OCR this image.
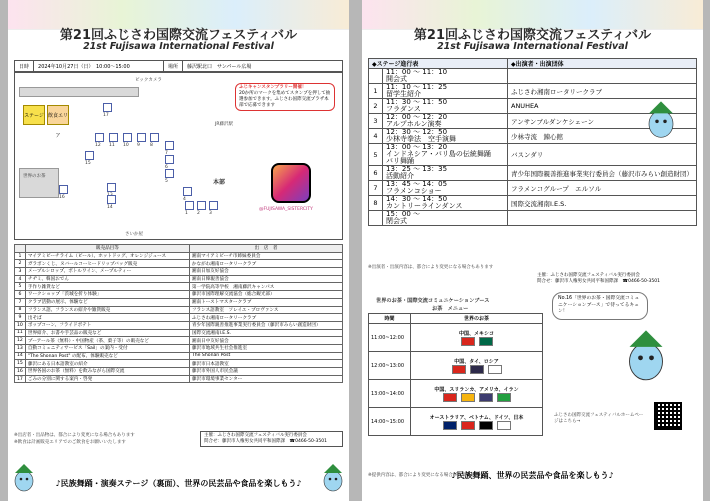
第21回ふじさわ国際交流フェスティバル
21st Fujisawa International Festival
日時	2024年10月27日（日）　10:00～15:00	場所	藤沢駅北口　サンパール広場
ビックカメラ
ステージ 飲食エリア
JR藤沢駅
ふじキャンスタンプラリー開催！
20か所のマークを集めてスタンプを押して抽選参加できます。ふじさわ国際交流プラザ本部で応募できます
@FUJISAWA_SISTERCITY
世界のお茶
本部
さいか屋
1 2 3
4
5
6
7
8
9
10
11
12
14
15
16
17
	販売品目等	出　店　者
1	マイアミビーチライム（ビール）、ホットドッグ、オレンジジュース	湘南マイアミビーチ市姉妹委員会
2	ガラポンくじ、ヌバールコーヒードリップバッグ販売	かながわ湘南ロータリークラブ
3	メープルシロップ、ボトルワイン、メープルティー	湘南日加友好協会
4	チヂミ、韓国おでん	湘南日韓親善協会
5	手作り雑貨など	第一学院高等学校　湘南藤沢キャンパス
6	ワークショップ「茨城を折り体験」	藤沢市国際理解交流協会（総合観光部）
7	クラブ活動の展示、体験など	湘南トーストマスタークラブ
8	フランス語、フランスの紹介や雑貨販売	フランス語教室　ソレイユ・プロヴァンス
9	出そば	ふじさわ湘南ロータリークラブ
10	ポップコーン、フライドポテト	青少年国際親善推進事業実行委員会（藤沢市みらい創造財団）
11	世界紹介、お書や手芸品の販売など	国際交流湘南I.E.S.
12	プーアール茶（無料）・中国物産（茶、菓子等）の販売など	湘南日中友好協会
13	自動コミュニティサービス「Sail」の案内・受付	藤沢市地域共生社会推進室
14	"The Shonan Post" の配布、体験販売など	The Shonan Post
15	藤沢にある日本語教室の紹介	藤沢市日本語教室
16	世界各国のお茶（無料）を飲みながら国際交流	藤沢市外国人市民会議
17	ごみの分別に関する案内・啓発	藤沢市環境事業センター
※出店者・出品物は、都合により変更になる場合もあります
※飲食は計画販売エリアでのご飲食をお願いいたします
主催：ふじさわ国際交流フェスティバル実行委員会
問合せ：藤沢市人権男女共同平和国際課　☎0466-50-3501
♪民族舞踊・演奏ステージ（裏面）、世界の民芸品や食品を楽しもう♪
第21回ふじさわ国際交流フェスティバル
21st Fujisawa International Festival
◆ステージ進行表		◆出演者・出演団体

	11：00 ～ 11：10
開会式	

1	11：10 ～ 11：25
留学生紹介	ふじさわ湘南ロータリークラブ
2	11：30 ～ 11：50
フラダンス	ANUHEA
3	12：00 ～ 12：20
アルプホルン演奏	アンサンブルダンケシェーン
4	12：30 ～ 12：50
少林寺拳法　空手演舞	少林寺流　錬心館
5	13：00 ～ 13：20
インドネシア・バリ島の伝統舞踊　バリ舞踊	バスンダリ
6	13：25 ～ 13：35
活動紹介	青少年国際親善推進事業実行委員会（藤沢市みらい創造財団）
7	13：45 ～ 14：05
フラメンコショー	フラメンコグループ　エルソル
8	14：30 ～ 14：50
カントリーラインダンス	国際交流湘南I.E.S.

	15：00 ～
閉会式	

※出演者・出演内容は、都合により変更になる場合もあります
主催：ふじさわ国際交流フェスティバル実行委員会
問合せ：藤沢市人権男女共同平和国際課　☎0466-50-3501
世界のお茶・国際交流コミュニケーションブース
お茶　メニュー
時間	世界のお茶
11:00~12:00	中国、メキシコ

12:00~13:00	中国、タイ、ロシア

13:00~14:00	中国、スリランカ、アメリカ、イラン

14:00~15:00	オーストラリア、ベトナム、ドイツ、日本
※提供内容は、都合により変更になる場合があります
No.16「世界のお茶・国際交流コミュニケーションブース」で待ってるキュン！
ふじさわ国際交流フェスティバルホームページはこちら→
♪民族舞踊、世界の民芸品や食品を楽しもう♪
